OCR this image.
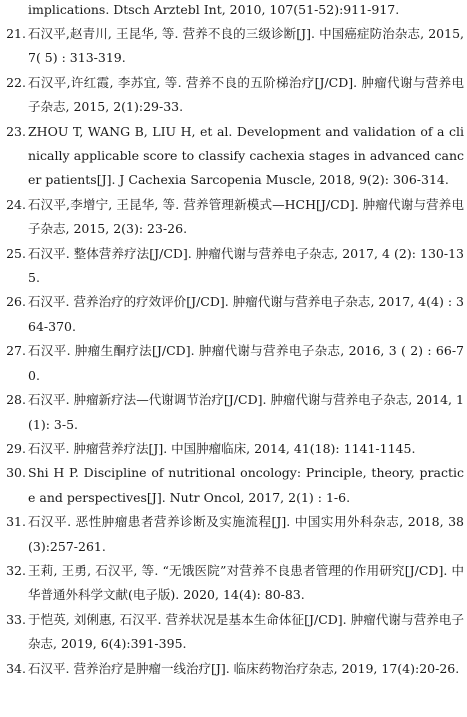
implications. Dtsch Arztebl Int, 2010, 107(51-52):911-917.
21. 石汉平,赵青川, 王昆华, 等. 营养不良的三级诊断[J]. 中国癌症防治杂志, 2015, 7( 5) : 313-319.
22. 石汉平,许红霞, 李苏宜, 等. 营养不良的五阶梯治疗[J/CD]. 肿瘤代谢与营养电子杂志, 2015, 2(1):29-33.
23. ZHOU T, WANG B, LIU H, et al. Development and validation of a clinically applicable score to classify cachexia stages in advanced cancer patients[J]. J Cachexia Sarcopenia Muscle, 2018, 9(2): 306-314.
24. 石汉平,李增宁, 王昆华, 等. 营养管理新模式—HCH[J/CD]. 肿瘤代谢与营养电子杂志, 2015, 2(3): 23-26.
25. 石汉平. 整体营养疗法[J/CD]. 肿瘤代谢与营养电子杂志, 2017, 4 (2): 130-135.
26. 石汉平. 营养治疗的疗效评价[J/CD]. 肿瘤代谢与营养电子杂志, 2017, 4(4) : 364-370.
27. 石汉平. 肿瘤生酮疗法[J/CD]. 肿瘤代谢与营养电子杂志, 2016, 3 ( 2) : 66-70.
28. 石汉平. 肿瘤新疗法—代谢调节治疗[J/CD]. 肿瘤代谢与营养电子杂志, 2014, 1(1): 3-5.
29. 石汉平. 肿瘤营养疗法[J]. 中国肿瘤临床, 2014, 41(18): 1141-1145.
30. Shi H P. Discipline of nutritional oncology: Principle, theory, practice and perspectives[J]. Nutr Oncol, 2017, 2(1) : 1-6.
31. 石汉平. 恶性肿瘤患者营养诊断及实施流程[J]. 中国实用外科杂志, 2018, 38(3):257-261.
32. 王莉, 王勇, 石汉平, 等. “无饿医院”对营养不良患者管理的作用研究[J/CD]. 中华普通外科学文献(电子版). 2020, 14(4): 80-83.
33. 于恺英, 刘俐惠, 石汉平. 营养状况是基本生命体征[J/CD]. 肿瘤代谢与营养电子杂志, 2019, 6(4):391-395.
34. 石汉平. 营养治疗是肿瘤一线治疗[J]. 临床药物治疗杂志, 2019, 17(4):20-26.
